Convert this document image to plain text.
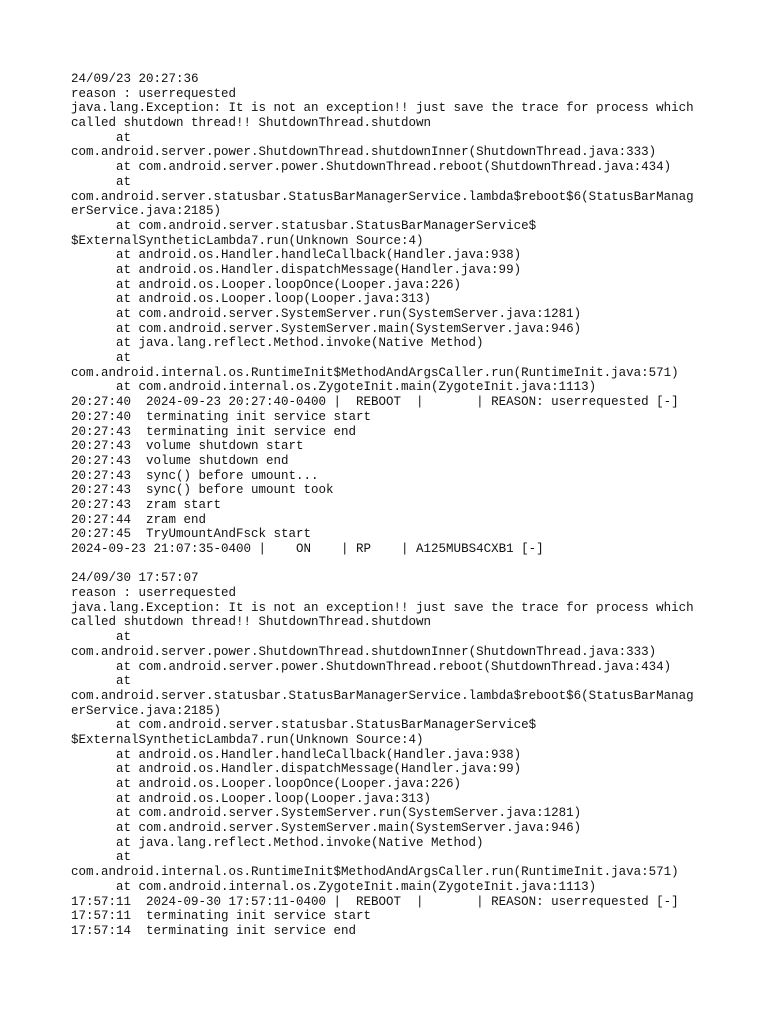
24/09/23 20:27:36
reason : userrequested
java.lang.Exception: It is not an exception!! just save the trace for process which
called shutdown thread!! ShutdownThread.shutdown
at
com.android.server.power.ShutdownThread.shutdownInner(ShutdownThread.java:333)
at com.android.server.power.ShutdownThread.reboot(ShutdownThread.java:434)
at
com.android.server.statusbar.StatusBarManagerService.lambda$reboot$6(StatusBarManag
erService.java:2185)
at com.android.server.statusbar.StatusBarManagerService$
$ExternalSyntheticLambda7.run(Unknown Source:4)
at android.os.Handler.handleCallback(Handler.java:938)
at android.os.Handler.dispatchMessage(Handler.java:99)
at android.os.Looper.loopOnce(Looper.java:226)
at android.os.Looper.loop(Looper.java:313)
at com.android.server.SystemServer.run(SystemServer.java:1281)
at com.android.server.SystemServer.main(SystemServer.java:946)
at java.lang.reflect.Method.invoke(Native Method)
at
com.android.internal.os.RuntimeInit$MethodAndArgsCaller.run(RuntimeInit.java:571)
at com.android.internal.os.ZygoteInit.main(ZygoteInit.java:1113)
20:27:40  2024-09-23 20:27:40-0400 |  REBOOT  |       | REASON: userrequested [-]
20:27:40  terminating init service start
20:27:43  terminating init service end
20:27:43  volume shutdown start
20:27:43  volume shutdown end
20:27:43  sync() before umount...
20:27:43  sync() before umount took
20:27:43  zram start
20:27:44  zram end
20:27:45  TryUmountAndFsck start
2024-09-23 21:07:35-0400 |    ON    | RP    | A125MUBS4CXB1 [-]
24/09/30 17:57:07
reason : userrequested
java.lang.Exception: It is not an exception!! just save the trace for process which
called shutdown thread!! ShutdownThread.shutdown
at
com.android.server.power.ShutdownThread.shutdownInner(ShutdownThread.java:333)
at com.android.server.power.ShutdownThread.reboot(ShutdownThread.java:434)
at
com.android.server.statusbar.StatusBarManagerService.lambda$reboot$6(StatusBarManag
erService.java:2185)
at com.android.server.statusbar.StatusBarManagerService$
$ExternalSyntheticLambda7.run(Unknown Source:4)
at android.os.Handler.handleCallback(Handler.java:938)
at android.os.Handler.dispatchMessage(Handler.java:99)
at android.os.Looper.loopOnce(Looper.java:226)
at android.os.Looper.loop(Looper.java:313)
at com.android.server.SystemServer.run(SystemServer.java:1281)
at com.android.server.SystemServer.main(SystemServer.java:946)
at java.lang.reflect.Method.invoke(Native Method)
at
com.android.internal.os.RuntimeInit$MethodAndArgsCaller.run(RuntimeInit.java:571)
at com.android.internal.os.ZygoteInit.main(ZygoteInit.java:1113)
17:57:11  2024-09-30 17:57:11-0400 |  REBOOT  |       | REASON: userrequested [-]
17:57:11  terminating init service start
17:57:14  terminating init service end
